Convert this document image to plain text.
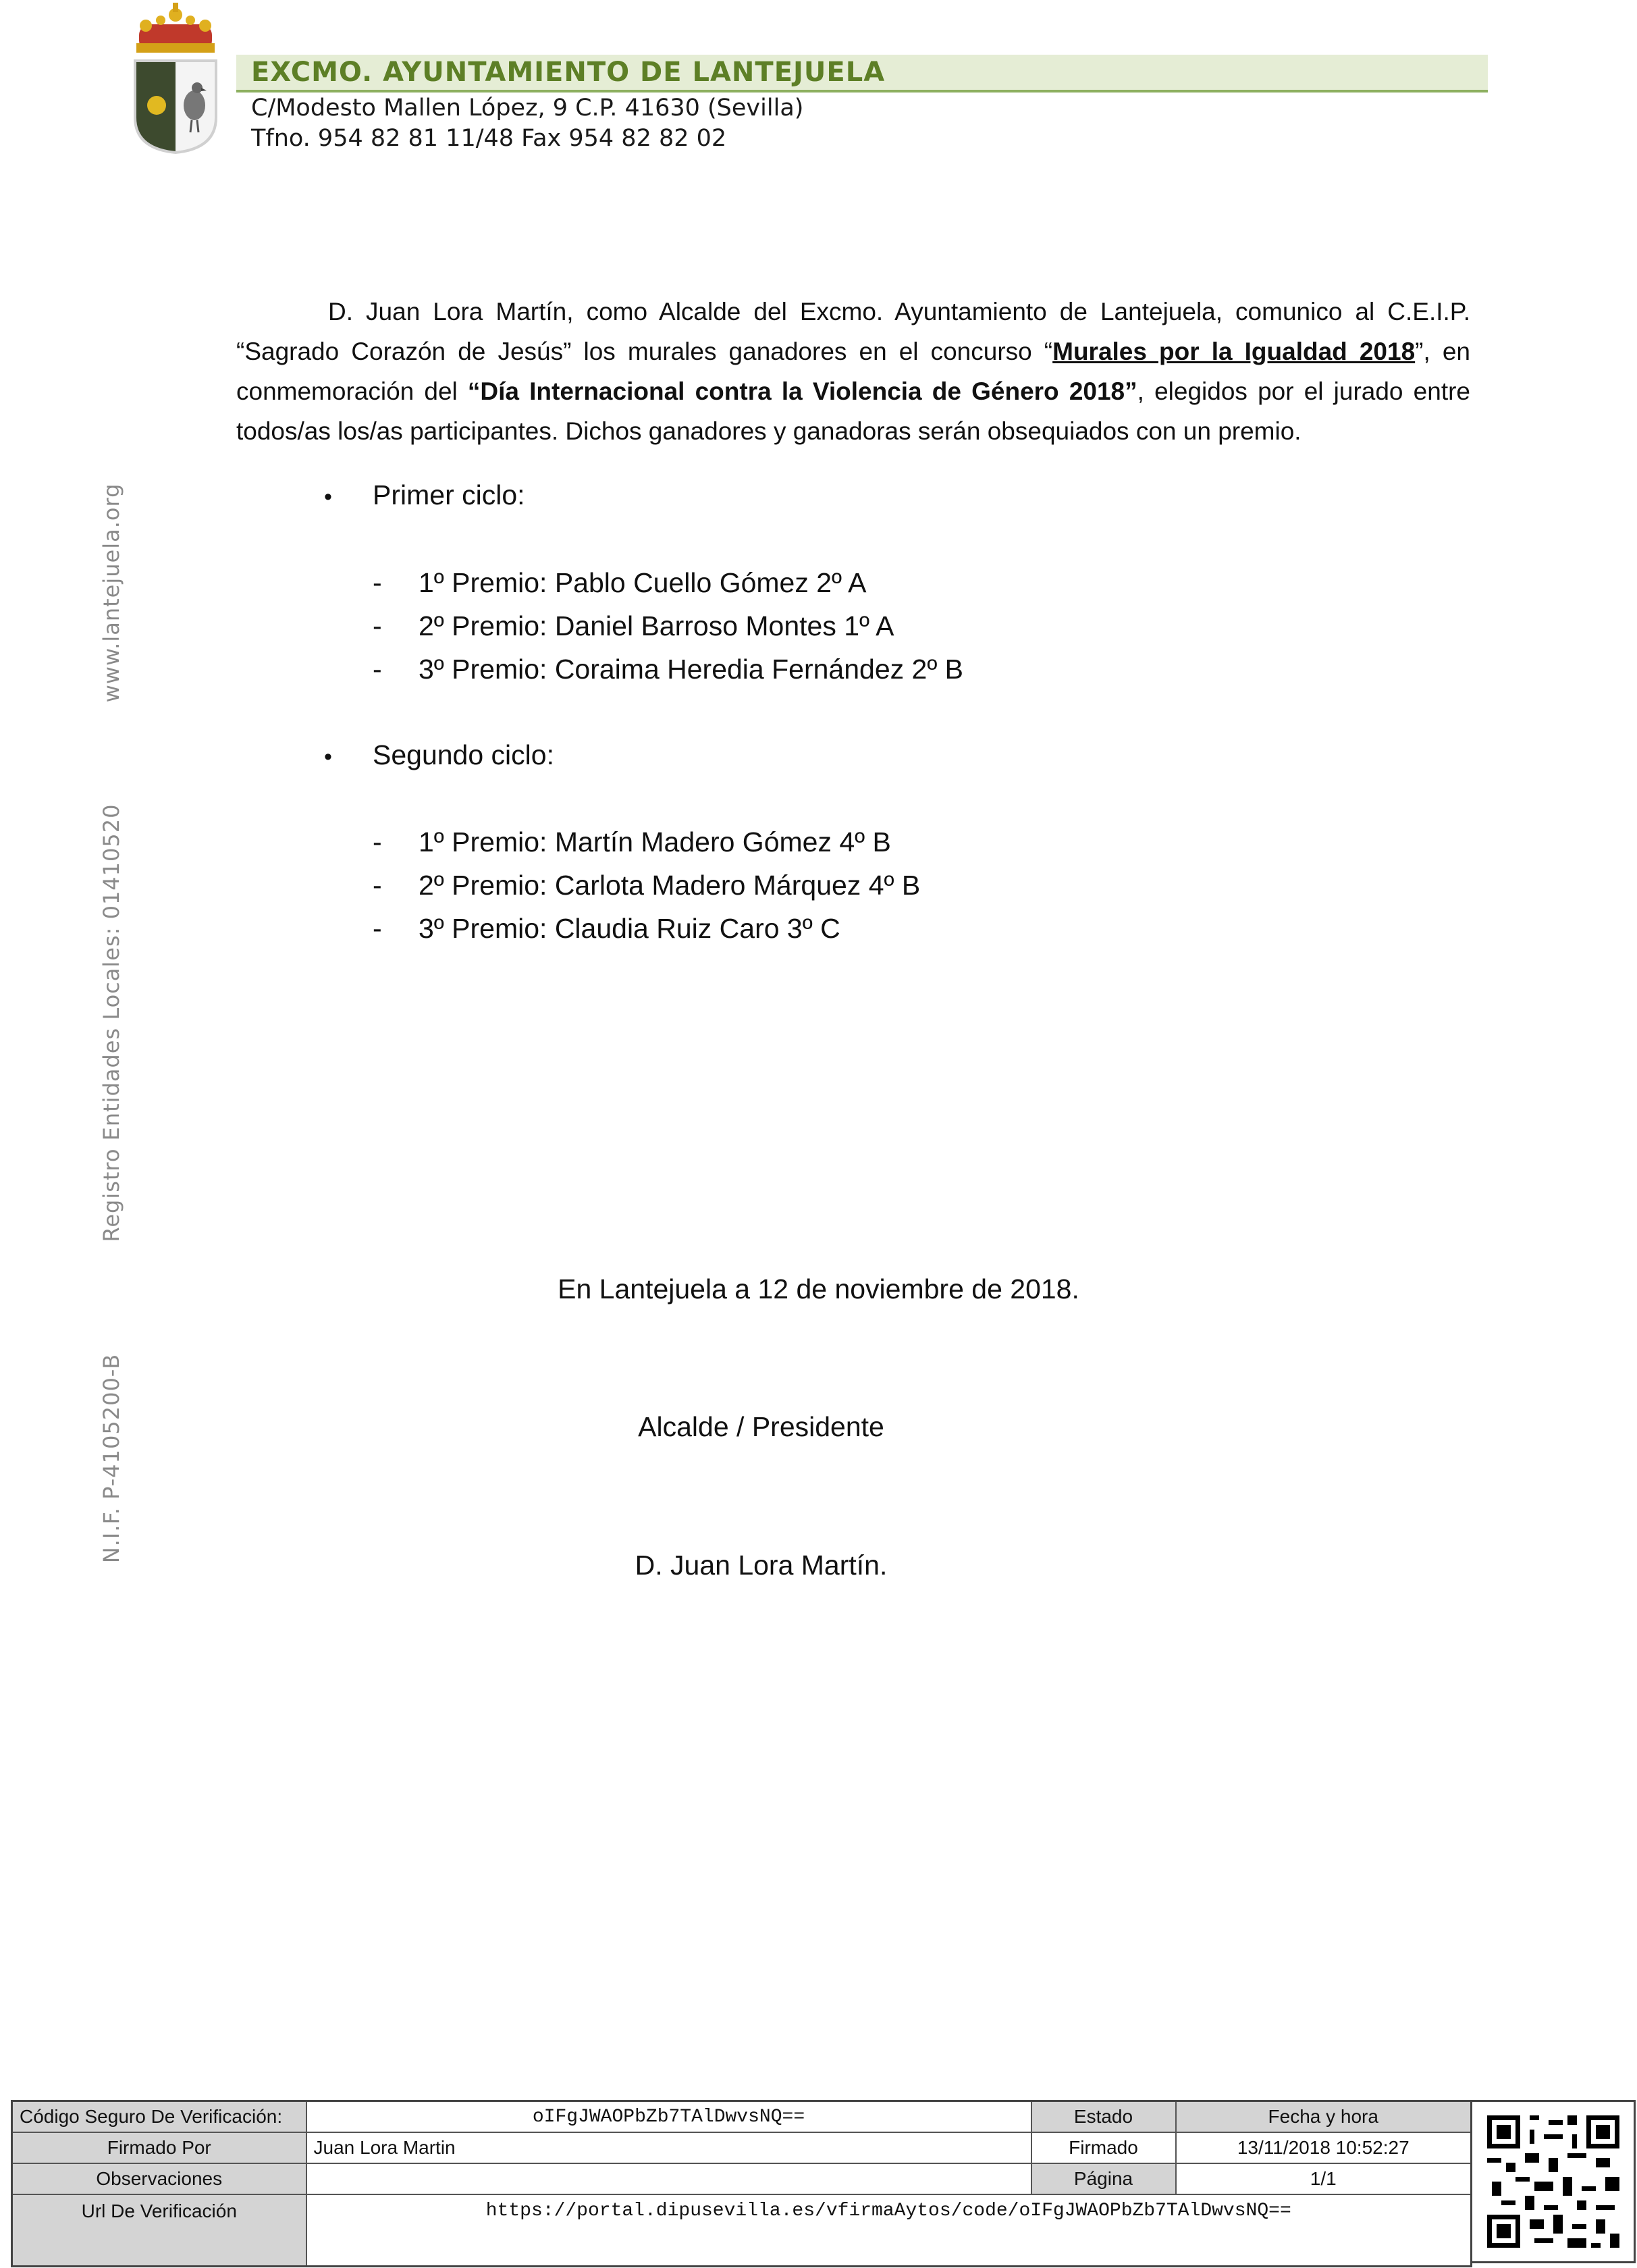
EXCMO. AYUNTAMIENTO DE LANTEJUELA
C/Modesto Mallen López, 9 C.P. 41630 (Sevilla)
Tfno. 954 82 81 11/48 Fax 954 82 82 02
www.lantejuela.org
Registro Entidades Locales: 01410520
N.I.F. P-4105200-B

D. Juan Lora Martín, como Alcalde del Excmo. Ayuntamiento de Lantejuela, comunico al C.E.I.P. “Sagrado Corazón de Jesús” los murales ganadores en el concurso “Murales por la Igualdad 2018”, en conmemoración del “Día Internacional contra la Violencia de Género 2018”, elegidos por el jurado entre todos/as los/as participantes. Dichos ganadores y ganadoras serán obsequiados con un premio.

• Primer ciclo:
- 1º Premio: Pablo Cuello Gómez 2º A
- 2º Premio: Daniel Barroso Montes 1º A
- 3º Premio: Coraima Heredia Fernández 2º B
• Segundo ciclo:
- 1º Premio: Martín Madero Gómez 4º B
- 2º Premio: Carlota Madero Márquez 4º B
- 3º Premio: Claudia Ruiz Caro 3º C
En Lantejuela a 12 de noviembre de 2018.
Alcalde / Presidente
D. Juan Lora Martín.
Código Seguro De Verificación:	oIFgJWAOPbZb7TAlDwvsNQ==	Estado	Fecha y hora
Firmado Por	Juan Lora Martin	Firmado	13/11/2018 10:52:27
Observaciones		Página	1/1
Url De Verificación	https://portal.dipusevilla.es/vfirmaAytos/code/oIFgJWAOPbZb7TAlDwvsNQ==		
